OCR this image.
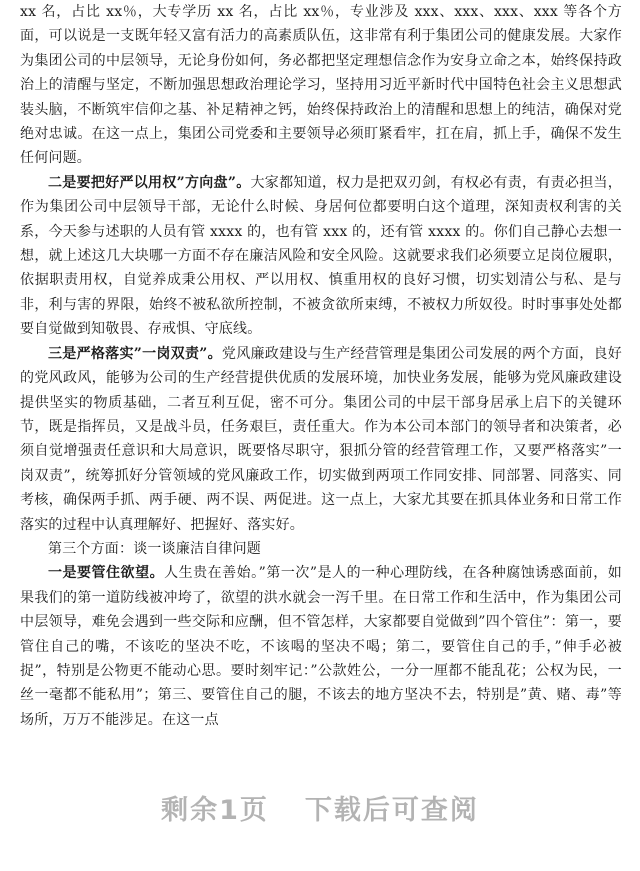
xx 名，占比 xx％，大专学历 xx 名，占比 xx％，专业涉及 xxx、xxx、xxx、xxx 等各个方面，可以说是一支既年轻又富有活力的高素质队伍，这非常有利于集团公司的健康发展。大家作为集团公司的中层领导，无论身份如何，务必都把坚定理想信念作为安身立命之本，始终保持政治上的清醒与坚定，不断加强思想政治理论学习，坚持用习近平新时代中国特色社会主义思想武装头脑，不断筑牢信仰之基、补足精神之钙，始终保持政治上的清醒和思想上的纯洁，确保对党绝对忠诚。在这一点上，集团公司党委和主要领导必须盯紧看牢，扛在肩，抓上手，确保不发生任何问题。

二是要把好严以用权”方向盘”。大家都知道，权力是把双刃剑，有权必有责，有责必担当，作为集团公司中层领导干部，无论什么时候、身居何位都要明白这个道理，深知责权利害的关系，今天参与述职的人员有管 xxxx 的，也有管 xxx 的，还有管 xxxx 的。你们自己静心去想一想，就上述这几大块哪一方面不存在廉洁风险和安全风险。这就要求我们必须要立足岗位履职，依据职责用权，自觉养成秉公用权、严以用权、慎重用权的良好习惯，切实划清公与私、是与非，利与害的界限，始终不被私欲所控制，不被贪欲所束缚，不被权力所奴役。时时事事处处都要自觉做到知敬畏、存戒惧、守底线。

三是严格落实”一岗双责”。党风廉政建设与生产经营管理是集团公司发展的两个方面，良好的党风政风，能够为公司的生产经营提供优质的发展环境，加快业务发展，能够为党风廉政建设提供坚实的物质基础，二者互利互促，密不可分。集团公司的中层干部身居承上启下的关键环节，既是指挥员，又是战斗员，任务艰巨，责任重大。作为本公司本部门的领导者和决策者，必须自觉增强责任意识和大局意识，既要恪尽职守，狠抓分管的经营管理工作，又要严格落实”一岗双责”，统筹抓好分管领域的党风廉政工作，切实做到两项工作同安排、同部署、同落实、同考核，确保两手抓、两手硬、两不误、两促进。这一点上，大家尤其要在抓具体业务和日常工作落实的过程中认真理解好、把握好、落实好。

第三个方面：谈一谈廉洁自律问题

一是要管住欲望。人生贵在善始。”第一次”是人的一种心理防线，在各种腐蚀诱惑面前，如果我们的第一道防线被冲垮了，欲望的洪水就会一泻千里。在日常工作和生活中，作为集团公司中层领导，难免会遇到一些交际和应酬，但不管怎样，大家都要自觉做到”四个管住”：第一，要管住自己的嘴，不该吃的坚决不吃，不该喝的坚决不喝；第二，要管住自己的手，”伸手必被捉”，特别是公物更不能动心思。要时刻牢记：”公款姓公，一分一厘都不能乱花；公权为民，一丝一毫都不能私用”；第三、要管住自己的腿，不该去的地方坚决不去，特别是”黄、赌、毒”等场所，万万不能涉足。在这一点

剩余1页 下载后可查阅
